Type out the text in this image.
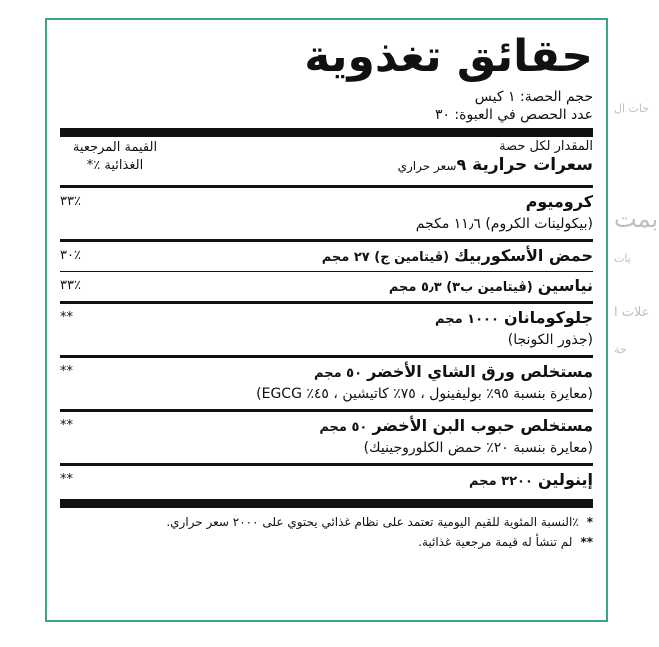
حات ال
بمت
يات
علات ا
حة
حقائق تغذوية
حجم الحصة: ١ كيس
عدد الحصص في العبوة: ٣٠
المقدار لكل حصة
سعرات حرارية ٩سعر حراري
القيمة المرجعية
الغذائية ٪*
٣٣٪	كروميوم
(بيكولينات الكروم) ١١٫٦ مكجم
٣٠٪	حمض الأسكوربيك (ڤيتامين ج) ٢٧ مجم
٣٣٪	نياسين (ڤيتامين ب٣) ٥٫٣ مجم
**	جلوكومانان ١٠٠٠ مجم
(جذور الكونجا)
**	مستخلص ورق الشاي الأخضر ٥٠ مجم
(معايرة بنسبة ٩٥٪ بوليفينول ، ٧٥٪ كاتيشين ، ٤٥٪ EGCG)
**	مستخلص حبوب البن الأخضر ٥٠ مجم
(معايرة بنسبة ٢٠٪ حمض الكلوروجينيك)
**	إينولين ٣٢٠٠ مجم
*٪النسبة المئوية للقيم اليومية تعتمد على نظام غذائي يحتوي على ٢٠٠٠ سعر حراري.
**لم تنشأ له قيمة مرجعية غذائية.
